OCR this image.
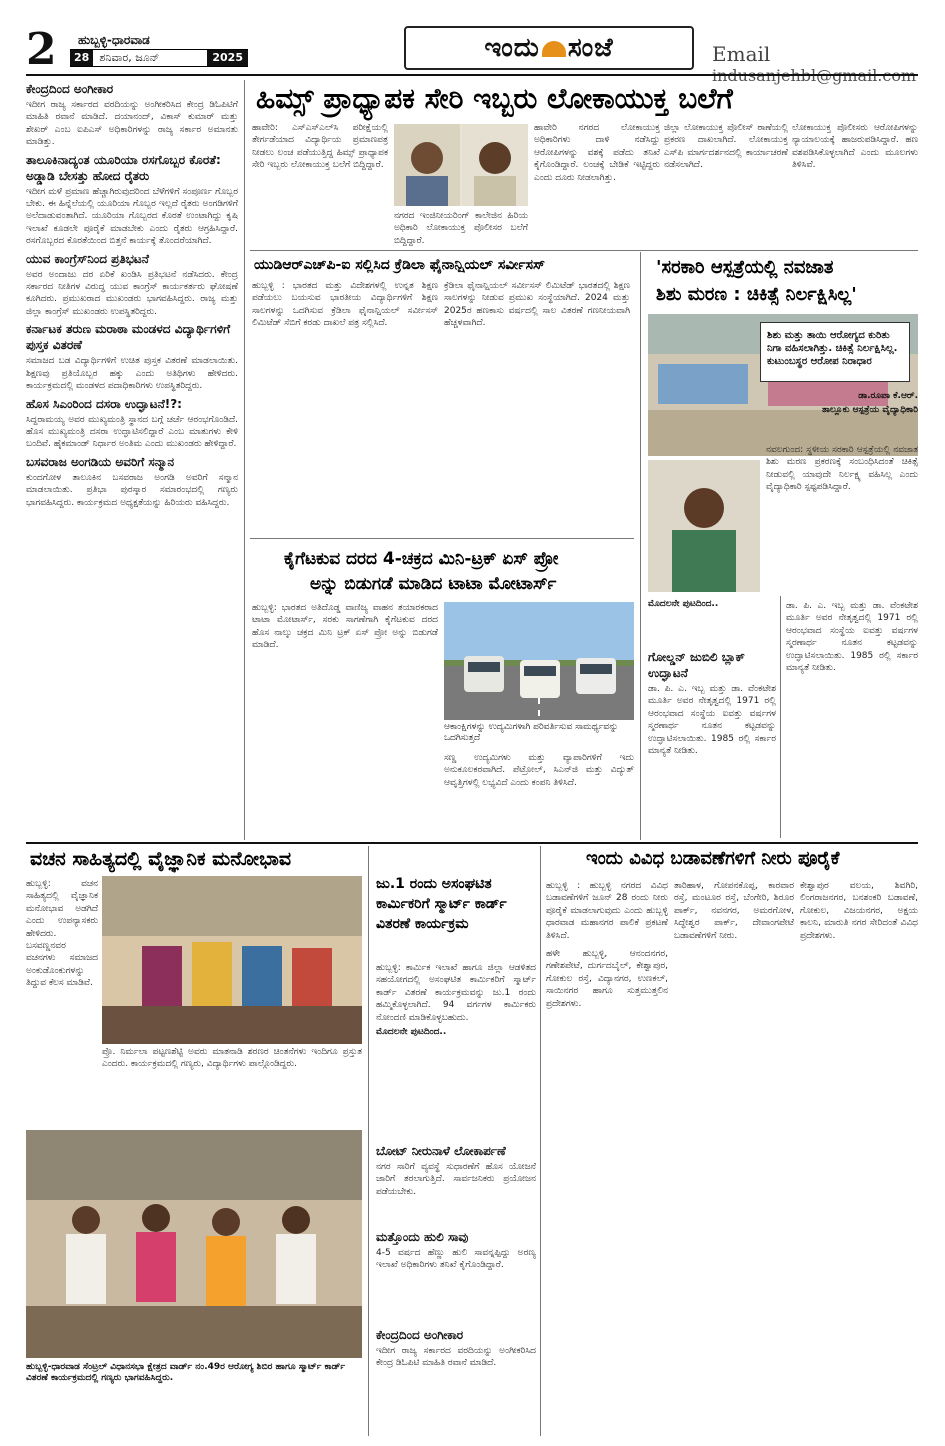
2 ಹುಬ್ಬಳ್ಳಿ-ಧಾರವಾಡ
28 ಶನಿವಾರ, ಜೂನ್	2025	ಇಂದು ಸಂಜೆ	Email indusanjehbl@gmail.com
ಕೇಂದ್ರದಿಂದ ಅಂಗೀಕಾರ
ಇದೀಗ ರಾಜ್ಯ ಸರ್ಕಾರದ ವರದಿಯನ್ನು ಅಂಗೀಕರಿಸಿದ ಕೇಂದ್ರ ಡಿಓಪಿಟಿಗೆ ಮಾಹಿತಿ ರವಾನೆ ಮಾಡಿದೆ. ದಯಾನಂದ್, ವಿಕಾಸ್ ಕುಮಾರ್ ಮತ್ತು ಶೇಖರ್ ಎಂಬ ಐಪಿಎಸ್ ಅಧಿಕಾರಿಗಳನ್ನು ರಾಜ್ಯ ಸರ್ಕಾರ ಅಮಾನತು ಮಾಡಿತ್ತು.
ತಾಲೂಕಿನಾದ್ಯಂತ ಯೂರಿಯಾ ರಸಗೊಬ್ಬರ ಕೊರತೆ: ಅಡ್ಡಾಡಿ ಬೇಸತ್ತು ಹೋದ ರೈತರು
ಇದೀಗ ಮಳೆ ಪ್ರಮಾಣ ಹೆಚ್ಚಾಗಿರುವುದರಿಂದ ಬೆಳೆಗಳಿಗೆ ಸಂಪೂರ್ಣ ಗೊಬ್ಬರ ಬೇಕು. ಈ ಹಿನ್ನೆಲೆಯಲ್ಲಿ ಯೂರಿಯಾ ಗೊಬ್ಬರ ಇಲ್ಲದೆ ರೈತರು ಅಂಗಡಿಗಳಿಗೆ ಅಲೆದಾಡುವಂತಾಗಿದೆ. ಯೂರಿಯಾ ಗೊಬ್ಬರದ ಕೊರತೆ ಉಂಟಾಗಿದ್ದು ಕೃಷಿ ಇಲಾಖೆ ಕೂಡಲೇ ಪೂರೈಕೆ ಮಾಡಬೇಕು ಎಂದು ರೈತರು ಆಗ್ರಹಿಸಿದ್ದಾರೆ. ರಸಗೊಬ್ಬರದ ಕೊರತೆಯಿಂದ ಬಿತ್ತನೆ ಕಾರ್ಯಕ್ಕೆ ತೊಂದರೆಯಾಗಿದೆ.
ಯುವ ಕಾಂಗ್ರೆಸ್‌ನಿಂದ ಪ್ರತಿಭಟನೆ
ಅವರ ಅಂದಾಜು ದರ ಏರಿಕೆ ಖಂಡಿಸಿ ಪ್ರತಿಭಟನೆ ನಡೆಸಿದರು. ಕೇಂದ್ರ ಸರ್ಕಾರದ ನೀತಿಗಳ ವಿರುದ್ಧ ಯುವ ಕಾಂಗ್ರೆಸ್ ಕಾರ್ಯಕರ್ತರು ಘೋಷಣೆ ಕೂಗಿದರು. ಪ್ರಮುಖರಾದ ಮುಖಂಡರು ಭಾಗವಹಿಸಿದ್ದರು. ರಾಜ್ಯ ಮತ್ತು ಜಿಲ್ಲಾ ಕಾಂಗ್ರೆಸ್ ಮುಖಂಡರು ಉಪಸ್ಥಿತರಿದ್ದರು.
ಕರ್ನಾಟಕ ತರುಣ ಮರಾಠಾ ಮಂಡಳದ ವಿದ್ಯಾರ್ಥಿಗಳಿಗೆ ಪುಸ್ತಕ ವಿತರಣೆ
ಸಮಾಜದ ಬಡ ವಿದ್ಯಾರ್ಥಿಗಳಿಗೆ ಉಚಿತ ಪುಸ್ತಕ ವಿತರಣೆ ಮಾಡಲಾಯಿತು. ಶಿಕ್ಷಣವು ಪ್ರತಿಯೊಬ್ಬರ ಹಕ್ಕು ಎಂದು ಅತಿಥಿಗಳು ಹೇಳಿದರು. ಕಾರ್ಯಕ್ರಮದಲ್ಲಿ ಮಂಡಳದ ಪದಾಧಿಕಾರಿಗಳು ಉಪಸ್ಥಿತರಿದ್ದರು.
ಹೊಸ ಸಿಎಂರಿಂದ ದಸರಾ ಉದ್ಘಾಟನೆ!?:
ಸಿದ್ದರಾಮಯ್ಯ ಅವರ ಮುಖ್ಯಮಂತ್ರಿ ಸ್ಥಾನದ ಬಗ್ಗೆ ಚರ್ಚೆ ಆರಂಭಗೊಂಡಿದೆ. ಹೊಸ ಮುಖ್ಯಮಂತ್ರಿ ದಸರಾ ಉದ್ಘಾಟಿಸಲಿದ್ದಾರೆ ಎಂಬ ಮಾತುಗಳು ಕೇಳಿ ಬಂದಿವೆ. ಹೈಕಮಾಂಡ್ ನಿರ್ಧಾರ ಅಂತಿಮ ಎಂದು ಮುಖಂಡರು ಹೇಳಿದ್ದಾರೆ.
ಬಸವರಾಜ ಅಂಗಡಿಯ ಅವರಿಗೆ ಸನ್ಮಾನ
ಕುಂದಗೋಳ ತಾಲೂಕಿನ ಬಸವರಾಜ ಅಂಗಡಿ ಅವರಿಗೆ ಸನ್ಮಾನ ಮಾಡಲಾಯಿತು. ಪ್ರತಿಭಾ ಪುರಸ್ಕಾರ ಸಮಾರಂಭದಲ್ಲಿ ಗಣ್ಯರು ಭಾಗವಹಿಸಿದ್ದರು. ಕಾರ್ಯಕ್ರಮದ ಅಧ್ಯಕ್ಷತೆಯನ್ನು ಹಿರಿಯರು ವಹಿಸಿದ್ದರು.
ಹಿಮ್ಸ್ ಪ್ರಾಧ್ಯಾಪಕ ಸೇರಿ ಇಬ್ಬರು ಲೋಕಾಯುಕ್ತ ಬಲೆಗೆ
ಹಾವೇರಿ: ಎಸ್‌ಎಸ್‌ಎಲ್‌ಸಿ ಪರೀಕ್ಷೆಯಲ್ಲಿ ತೇರ್ಗಡೆಯಾದ ವಿದ್ಯಾರ್ಥಿಯ ಪ್ರಮಾಣಪತ್ರ ನೀಡಲು ಲಂಚ ಪಡೆಯುತ್ತಿದ್ದ ಹಿಮ್ಸ್ ಪ್ರಾಧ್ಯಾಪಕ ಸೇರಿ ಇಬ್ಬರು ಲೋಕಾಯುಕ್ತ ಬಲೆಗೆ ಬಿದ್ದಿದ್ದಾರೆ.
ನಗರದ ಇಂಜಿನೀಯರಿಂಗ್ ಕಾಲೇಜಿನ ಹಿರಿಯ ಅಧಿಕಾರಿ ಲೋಕಾಯುಕ್ತ ಪೊಲೀಸರ ಬಲೆಗೆ ಬಿದ್ದಿದ್ದಾರೆ.
ಹಾವೇರಿ ನಗರದ ಲೋಕಾಯುಕ್ತ ಅಧಿಕಾರಿಗಳು ದಾಳಿ ನಡೆಸಿದ್ದು ಆರೋಪಿಗಳನ್ನು ವಶಕ್ಕೆ ಪಡೆದು ತನಿಖೆ ಕೈಗೊಂಡಿದ್ದಾರೆ. ಲಂಚಕ್ಕೆ ಬೇಡಿಕೆ ಇಟ್ಟಿದ್ದರು ಎಂದು ದೂರು ನೀಡಲಾಗಿತ್ತು.
ಜಿಲ್ಲಾ ಲೋಕಾಯುಕ್ತ ಪೊಲೀಸ್ ಠಾಣೆಯಲ್ಲಿ ಪ್ರಕರಣ ದಾಖಲಾಗಿದೆ. ಲೋಕಾಯುಕ್ತ ಎಸ್‌ಪಿ ಮಾರ್ಗದರ್ಶನದಲ್ಲಿ ಕಾರ್ಯಾಚರಣೆ ನಡೆಸಲಾಗಿದೆ.
ಲೋಕಾಯುಕ್ತ ಪೊಲೀಸರು ಆರೋಪಿಗಳನ್ನು ನ್ಯಾಯಾಲಯಕ್ಕೆ ಹಾಜರುಪಡಿಸಿದ್ದಾರೆ. ಹಣ ವಶಪಡಿಸಿಕೊಳ್ಳಲಾಗಿದೆ ಎಂದು ಮೂಲಗಳು ತಿಳಿಸಿವೆ.
ಯುಡಿಆರ್‌ಎಚ್‌ಪಿ-ಐ ಸಲ್ಲಿಸಿದ ಕ್ರೆಡಿಲಾ ಫೈನಾನ್ಷಿಯಲ್ ಸರ್ವೀಸಸ್
ಹುಬ್ಬಳ್ಳಿ : ಭಾರತದ ಮತ್ತು ವಿದೇಶಗಳಲ್ಲಿ ಉನ್ನತ ಶಿಕ್ಷಣ ಪಡೆಯಲು ಬಯಸುವ ಭಾರತೀಯ ವಿದ್ಯಾರ್ಥಿಗಳಿಗೆ ಶಿಕ್ಷಣ ಸಾಲಗಳನ್ನು ಒದಗಿಸುವ ಕ್ರೆಡಿಲಾ ಫೈನಾನ್ಷಿಯಲ್ ಸರ್ವೀಸಸ್ ಲಿಮಿಟೆಡ್ ಸೆಬಿಗೆ ಕರಡು ದಾಖಲೆ ಪತ್ರ ಸಲ್ಲಿಸಿದೆ.
ಕ್ರೆಡಿಲಾ ಫೈನಾನ್ಷಿಯಲ್ ಸರ್ವೀಸಸ್ ಲಿಮಿಟೆಡ್ ಭಾರತದಲ್ಲಿ ಶಿಕ್ಷಣ ಸಾಲಗಳನ್ನು ನೀಡುವ ಪ್ರಮುಖ ಸಂಸ್ಥೆಯಾಗಿದೆ. 2024 ಮತ್ತು 2025ರ ಹಣಕಾಸು ವರ್ಷದಲ್ಲಿ ಸಾಲ ವಿತರಣೆ ಗಣನೀಯವಾಗಿ ಹೆಚ್ಚಳವಾಗಿದೆ.
ಕೈಗೆಟಕುವ ದರದ 4-ಚಕ್ರದ ಮಿನಿ-ಟ್ರಕ್ ಏಸ್ ಪ್ರೋ
ಅನ್ನು ಬಿಡುಗಡೆ ಮಾಡಿದ ಟಾಟಾ ಮೋಟಾರ್ಸ್
ಹುಬ್ಬಳ್ಳಿ: ಭಾರತದ ಅತಿದೊಡ್ಡ ವಾಣಿಜ್ಯ ವಾಹನ ತಯಾರಕರಾದ ಟಾಟಾ ಮೋಟಾರ್ಸ್, ಸರಕು ಸಾಗಣೆಗಾಗಿ ಕೈಗೆಟಕುವ ದರದ ಹೊಸ ನಾಲ್ಕು ಚಕ್ರದ ಮಿನಿ ಟ್ರಕ್ ಏಸ್ ಪ್ರೋ ಅನ್ನು ಬಿಡುಗಡೆ ಮಾಡಿದೆ.
ಆಕಾಂಕ್ಷಿಗಳನ್ನು ಉದ್ಯಮಿಗಳಾಗಿ ಪರಿವರ್ತಿಸುವ ಸಾಮರ್ಥ್ಯವನ್ನು ಒದಗಿಸುತ್ತದೆ
ಸಣ್ಣ ಉದ್ಯಮಿಗಳು ಮತ್ತು ವ್ಯಾಪಾರಿಗಳಿಗೆ ಇದು ಅನುಕೂಲಕರವಾಗಿದೆ. ಪೆಟ್ರೋಲ್, ಸಿಎನ್‌ಜಿ ಮತ್ತು ವಿದ್ಯುತ್ ಆವೃತ್ತಿಗಳಲ್ಲಿ ಲಭ್ಯವಿದೆ ಎಂದು ಕಂಪನಿ ತಿಳಿಸಿದೆ.
'ಸರಕಾರಿ ಆಸ್ಪತ್ರೆಯಲ್ಲಿ ನವಜಾತ
ಶಿಶು ಮರಣ : ಚಿಕಿತ್ಸೆ ನಿರ್ಲಕ್ಷಿಸಿಲ್ಲ'
ಶಿಶು ಮತ್ತು ತಾಯಿ ಆರೋಗ್ಯದ ಕುರಿತು ನಿಗಾ ವಹಿಸಲಾಗಿತ್ತು. ಚಿಕಿತ್ಸೆ ನಿರ್ಲಕ್ಷಿಸಿಲ್ಲ. ಕುಟುಂಬಸ್ಥರ ಆರೋಪ ನಿರಾಧಾರ
ಡಾ.ರೂಪಾ ಕೆ.ಆರ್.
ತಾಲ್ಲೂಕು ಆಸ್ಪತ್ರೆಯ ವೈದ್ಯಾಧಿಕಾರಿ
ನವಲಗುಂದ: ಸ್ಥಳೀಯ ಸರಕಾರಿ ಆಸ್ಪತ್ರೆಯಲ್ಲಿ ನವಜಾತ ಶಿಶು ಮರಣ ಪ್ರಕರಣಕ್ಕೆ ಸಂಬಂಧಿಸಿದಂತೆ ಚಿಕಿತ್ಸೆ ನೀಡುವಲ್ಲಿ ಯಾವುದೇ ನಿರ್ಲಕ್ಷ್ಯ ವಹಿಸಿಲ್ಲ ಎಂದು ವೈದ್ಯಾಧಿಕಾರಿ ಸ್ಪಷ್ಟಪಡಿಸಿದ್ದಾರೆ.
ಮೊದಲನೇ ಪುಟದಿಂದ..
ಗೋಲ್ಡನ್ ಜುಬಿಲಿ ಬ್ಲಾಕ್ ಉದ್ಘಾಟನೆ
ಡಾ. ಪಿ. ಎ. ಇಬ್ಬ ಮತ್ತು ಡಾ. ವೆಂಕಟೇಶ ಮೂರ್ತಿ ಅವರ ನೇತೃತ್ವದಲ್ಲಿ 1971 ರಲ್ಲಿ ಆರಂಭವಾದ ಸಂಸ್ಥೆಯ ಐವತ್ತು ವರ್ಷಗಳ ಸ್ಮರಣಾರ್ಥ ನೂತನ ಕಟ್ಟಡವನ್ನು ಉದ್ಘಾಟಿಸಲಾಯಿತು. 1985 ರಲ್ಲಿ ಸರ್ಕಾರ ಮಾನ್ಯತೆ ನೀಡಿತು.
ಡಾ. ಪಿ. ಎ. ಇಬ್ಬ ಮತ್ತು ಡಾ. ವೆಂಕಟೇಶ ಮೂರ್ತಿ ಅವರ ನೇತೃತ್ವದಲ್ಲಿ 1971 ರಲ್ಲಿ ಆರಂಭವಾದ ಸಂಸ್ಥೆಯ ಐವತ್ತು ವರ್ಷಗಳ ಸ್ಮರಣಾರ್ಥ ನೂತನ ಕಟ್ಟಡವನ್ನು ಉದ್ಘಾಟಿಸಲಾಯಿತು. 1985 ರಲ್ಲಿ ಸರ್ಕಾರ ಮಾನ್ಯತೆ ನೀಡಿತು.
ವಚನ ಸಾಹಿತ್ಯದಲ್ಲಿ ವೈಜ್ಞಾನಿಕ ಮನೋಭಾವ
ಹುಬ್ಬಳ್ಳಿ: ವಚನ ಸಾಹಿತ್ಯದಲ್ಲಿ ವೈಜ್ಞಾನಿಕ ಮನೋಭಾವ ಅಡಗಿದೆ ಎಂದು ಉಪನ್ಯಾಸಕರು ಹೇಳಿದರು. ಬಸವಣ್ಣನವರ ವಚನಗಳು ಸಮಾಜದ ಅಂಕುಡೊಂಕುಗಳನ್ನು ತಿದ್ದುವ ಕೆಲಸ ಮಾಡಿವೆ.
ಪ್ರೊ. ನಿರ್ಮಲಾ ಪಟ್ಟಣಶೆಟ್ಟಿ ಅವರು ಮಾತನಾಡಿ ಶರಣರ ಚಿಂತನೆಗಳು ಇಂದಿಗೂ ಪ್ರಸ್ತುತ ಎಂದರು. ಕಾರ್ಯಕ್ರಮದಲ್ಲಿ ಗಣ್ಯರು, ವಿದ್ಯಾರ್ಥಿಗಳು ಪಾಲ್ಗೊಂಡಿದ್ದರು.
ಹುಬ್ಬಳ್ಳಿ-ಧಾರವಾಡ ಸೆಂಟ್ರಲ್ ವಿಧಾನಸಭಾ ಕ್ಷೇತ್ರದ ವಾರ್ಡ್ ನಂ.49ರ ಆರೋಗ್ಯ ಶಿಬಿರ ಹಾಗೂ ಸ್ಮಾರ್ಟ್ ಕಾರ್ಡ್ ವಿತರಣೆ ಕಾರ್ಯಕ್ರಮದಲ್ಲಿ ಗಣ್ಯರು ಭಾಗವಹಿಸಿದ್ದರು.
ಜು.1 ರಂದು ಅಸಂಘಟಿತ ಕಾರ್ಮಿಕರಿಗೆ ಸ್ಮಾರ್ಟ್ ಕಾರ್ಡ್ ವಿತರಣೆ ಕಾರ್ಯಕ್ರಮ
ಹುಬ್ಬಳ್ಳಿ: ಕಾರ್ಮಿಕ ಇಲಾಖೆ ಹಾಗೂ ಜಿಲ್ಲಾ ಆಡಳಿತದ ಸಹಯೋಗದಲ್ಲಿ ಅಸಂಘಟಿತ ಕಾರ್ಮಿಕರಿಗೆ ಸ್ಮಾರ್ಟ್ ಕಾರ್ಡ್ ವಿತರಣೆ ಕಾರ್ಯಕ್ರಮವನ್ನು ಜು.1 ರಂದು ಹಮ್ಮಿಕೊಳ್ಳಲಾಗಿದೆ. 94 ವರ್ಗಗಳ ಕಾರ್ಮಿಕರು ನೋಂದಣಿ ಮಾಡಿಕೊಳ್ಳಬಹುದು.
ಮೊದಲನೇ ಪುಟದಿಂದ..
ಬೋಟ್ ನೀರುನಾಳೆ ಲೋಕಾರ್ಪಣೆ
ನಗರ ಸಾರಿಗೆ ವ್ಯವಸ್ಥೆ ಸುಧಾರಣೆಗೆ ಹೊಸ ಯೋಜನೆ ಜಾರಿಗೆ ತರಲಾಗುತ್ತಿದೆ. ಸಾರ್ವಜನಿಕರು ಪ್ರಯೋಜನ ಪಡೆಯಬೇಕು.
ಮತ್ತೊಂದು ಹುಲಿ ಸಾವು
4-5 ವರ್ಷದ ಹೆಣ್ಣು ಹುಲಿ ಸಾವನ್ನಪ್ಪಿದ್ದು ಅರಣ್ಯ ಇಲಾಖೆ ಅಧಿಕಾರಿಗಳು ತನಿಖೆ ಕೈಗೊಂಡಿದ್ದಾರೆ.
ಕೇಂದ್ರದಿಂದ ಅಂಗೀಕಾರ
ಇದೀಗ ರಾಜ್ಯ ಸರ್ಕಾರದ ವರದಿಯನ್ನು ಅಂಗೀಕರಿಸಿದ ಕೇಂದ್ರ ಡಿಓಪಿಟಿ ಮಾಹಿತಿ ರವಾನೆ ಮಾಡಿದೆ.
ಇಂದು ವಿವಿಧ ಬಡಾವಣೆಗಳಿಗೆ ನೀರು ಪೂರೈಕೆ
ಹುಬ್ಬಳ್ಳಿ : ಹುಬ್ಬಳ್ಳಿ ನಗರದ ವಿವಿಧ ಬಡಾವಣೆಗಳಿಗೆ ಜೂನ್ 28 ರಂದು ನೀರು ಪೂರೈಕೆ ಮಾಡಲಾಗುವುದು ಎಂದು ಹುಬ್ಬಳ್ಳಿ ಧಾರವಾಡ ಮಹಾನಗರ ಪಾಲಿಕೆ ಪ್ರಕಟಣೆ ತಿಳಿಸಿದೆ.
ಹಳೇ ಹುಬ್ಬಳ್ಳಿ, ಆನಂದನಗರ, ಗಣೇಶಪೇಟೆ, ದುರ್ಗದಬೈಲ್, ಕೇಶ್ವಾಪುರ, ಗೋಕುಲ ರಸ್ತೆ, ವಿದ್ಯಾನಗರ, ಉಣಕಲ್, ಸಾಯಿನಗರ ಹಾಗೂ ಸುತ್ತಮುತ್ತಲಿನ ಪ್ರದೇಶಗಳು.
ತಾರಿಹಾಳ, ಗೋಪನಕೊಪ್ಪ, ಕಾರವಾರ ರಸ್ತೆ, ಮಂಟೂರ ರಸ್ತೆ, ಬೆಂಗೇರಿ, ಶಿರೂರ ಪಾರ್ಕ್, ನವನಗರ, ಅಮರಗೋಳ, ಸಿದ್ಧೇಶ್ವರ ಪಾರ್ಕ್, ದೇವಾಂಗಪೇಟೆ ಬಡಾವಣೆಗಳಿಗೆ ನೀರು.
ಕೇಶ್ವಾಪುರ ವಲಯ, ಶಿವಗಿರಿ, ಲಿಂಗರಾಜನಗರ, ಬನಶಂಕರಿ ಬಡಾವಣೆ, ಗೋಕುಲ, ವಿಜಯನಗರ, ಅಕ್ಷಯ ಕಾಲನಿ, ಮಾರುತಿ ನಗರ ಸೇರಿದಂತೆ ವಿವಿಧ ಪ್ರದೇಶಗಳು.
